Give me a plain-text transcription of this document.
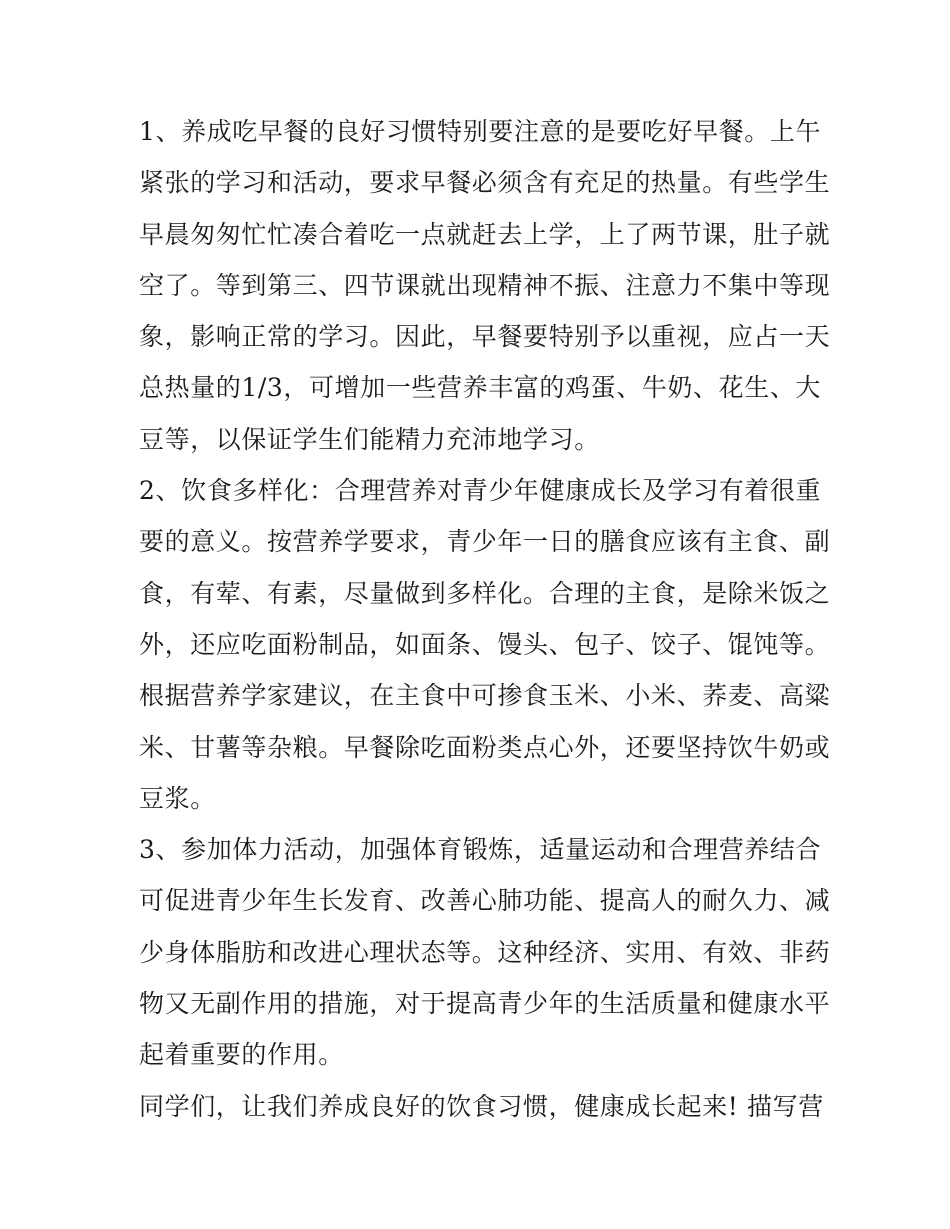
1、养成吃早餐的良好习惯特别要注意的是要吃好早餐。上午
紧张的学习和活动，要求早餐必须含有充足的热量。有些学生
早晨匆匆忙忙凑合着吃一点就赶去上学，上了两节课，肚子就
空了。等到第三、四节课就出现精神不振、注意力不集中等现
象，影响正常的学习。因此，早餐要特别予以重视，应占一天
总热量的1/3，可增加一些营养丰富的鸡蛋、牛奶、花生、大
豆等，以保证学生们能精力充沛地学习。
2、饮食多样化：合理营养对青少年健康成长及学习有着很重
要的意义。按营养学要求，青少年一日的膳食应该有主食、副
食，有荤、有素，尽量做到多样化。合理的主食，是除米饭之
外，还应吃面粉制品，如面条、馒头、包子、饺子、馄饨等。
根据营养学家建议，在主食中可掺食玉米、小米、荞麦、高粱
米、甘薯等杂粮。早餐除吃面粉类点心外，还要坚持饮牛奶或
豆浆。
3、参加体力活动，加强体育锻炼，适量运动和合理营养结合
可促进青少年生长发育、改善心肺功能、提高人的耐久力、减
少身体脂肪和改进心理状态等。这种经济、实用、有效、非药
物又无副作用的措施，对于提高青少年的生活质量和健康水平
起着重要的作用。
同学们，让我们养成良好的饮食习惯，健康成长起来! 描写营
